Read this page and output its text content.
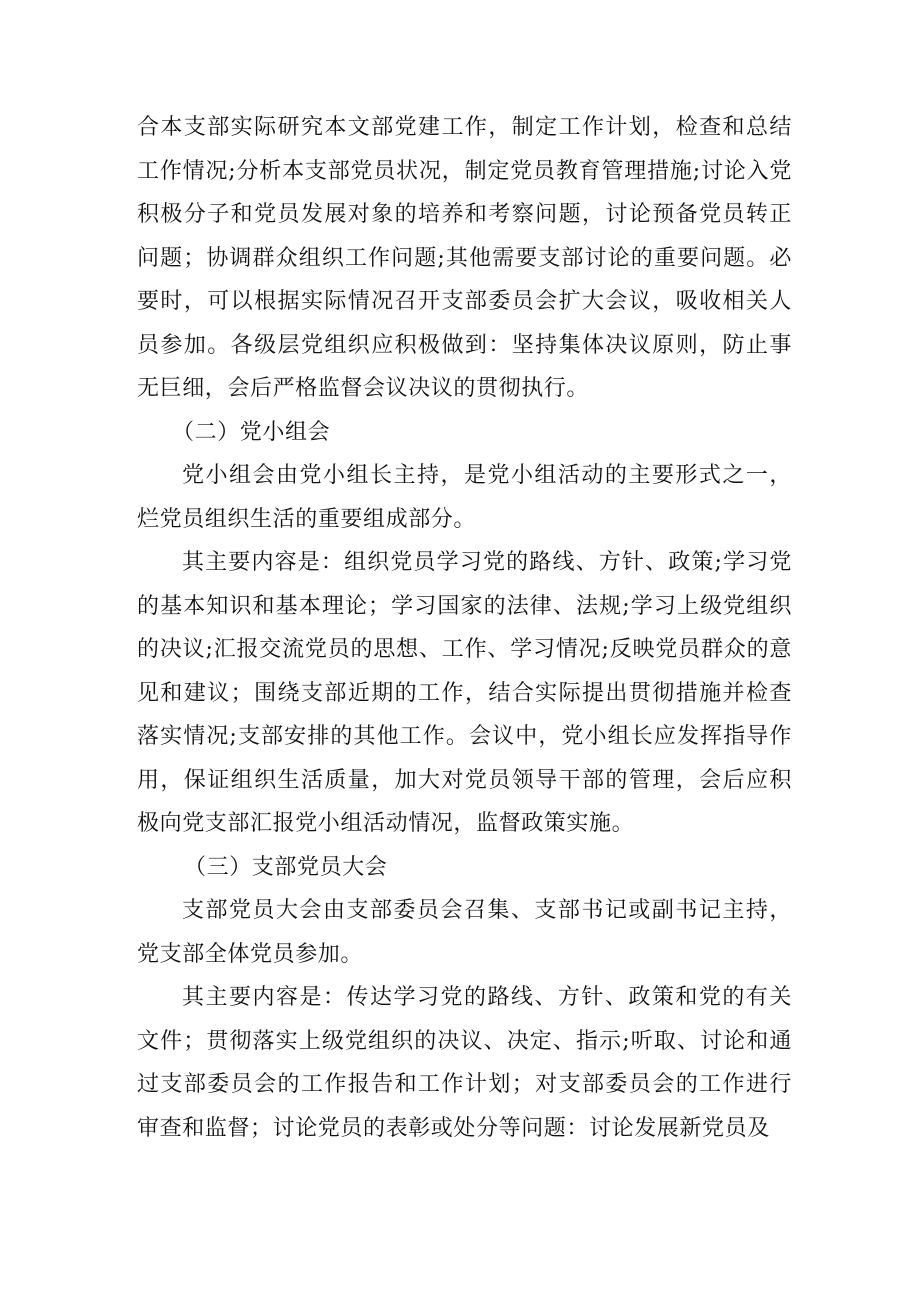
合本支部实际研究本文部党建工作，制定工作计划，检查和总结工作情况;分析本支部党员状况，制定党员教育管理措施;讨论入党积极分子和党员发展对象的培养和考察问题，讨论预备党员转正问题；协调群众组织工作问题;其他需要支部讨论的重要问题。必要时，可以根据实际情况召开支部委员会扩大会议，吸收相关人员参加。各级层党组织应积极做到：坚持集体决议原则，防止事无巨细，会后严格监督会议决议的贯彻执行。

（二）党小组会

党小组会由党小组长主持，是党小组活动的主要形式之一，烂党员组织生活的重要组成部分。

其主要内容是：组织党员学习党的路线、方针、政策;学习党的基本知识和基本理论；学习国家的法律、法规;学习上级党组织的决议;汇报交流党员的思想、工作、学习情况;反映党员群众的意见和建议；围绕支部近期的工作，结合实际提出贯彻措施并检查落实情况;支部安排的其他工作。会议中，党小组长应发挥指导作用，保证组织生活质量，加大对党员领导干部的管理，会后应积极向党支部汇报党小组活动情况，监督政策实施。

（三）支部党员大会

支部党员大会由支部委员会召集、支部书记或副书记主持，党支部全体党员参加。

其主要内容是：传达学习党的路线、方针、政策和党的有关文件；贯彻落实上级党组织的决议、决定、指示;听取、讨论和通过支部委员会的工作报告和工作计划；对支部委员会的工作进行审查和监督；讨论党员的表彰或处分等问题：讨论发展新党员及
